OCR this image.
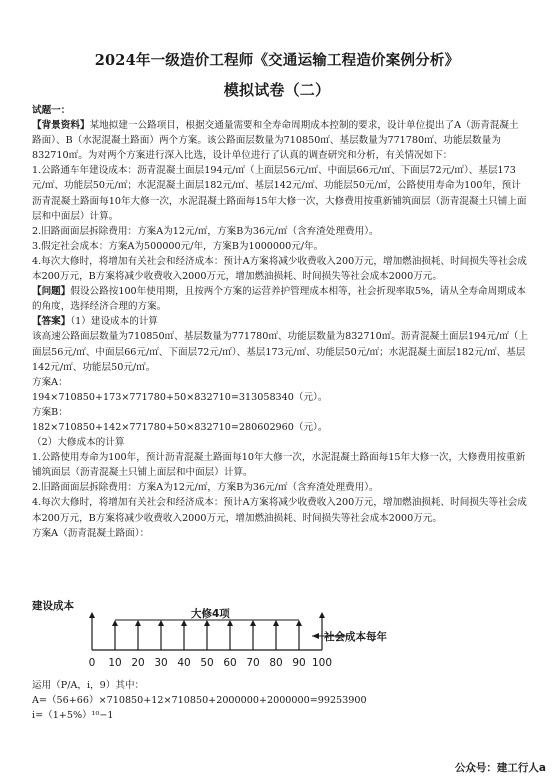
2024年一级造价工程师《交通运输工程造价案例分析》
模拟试卷（二）

试题一：

【背景资料】某地拟建一公路项目，根据交通量需要和全寿命周期成本控制的要求，设计单位提出了A（沥青混凝土路面）、B（水泥混凝土路面）两个方案。该公路面层数量为710850㎡、基层数量为771780㎡、功能层数量为832710㎡。为对两个方案进行深入比选，设计单位进行了认真的调查研究和分析，有关情况如下：

1.公路通车年建设成本：沥青混凝土面层194元/㎡（上面层56元/㎡、中面层66元/㎡、下面层72元/㎡）、基层173元/㎡、功能层50元/㎡；水泥混凝土面层182元/㎡、基层142元/㎡、功能层50元/㎡，公路使用寿命为100年，预计沥青混凝土路面每10年大修一次，水泥混凝土路面每15年大修一次，大修费用按重新铺筑面层（沥青混凝土只铺上面层和中面层）计算。

2.旧路面面层拆除费用：方案A为12元/㎡，方案B为36元/㎡（含弃渣处理费用）。

3.假定社会成本：方案A为500000元/年，方案B为1000000元/年。

4.每次大修时，将增加有关社会和经济成本：预计A方案将减少收费收入200万元，增加燃油损耗、时间损失等社会成本200万元，B方案将减少收费收入2000万元，增加燃油损耗、时间损失等社会成本2000万元。

【问题】假设公路按100年使用期，且按两个方案的运营养护管理成本相等，社会折现率取5%，请从全寿命周期成本的角度，选择经济合理的方案。

【答案】（1）建设成本的计算

该高速公路面层数量为710850㎡、基层数量为771780㎡、功能层数量为832710㎡。沥青混凝土面层194元/㎡（上面层56元/㎡、中面层66元/㎡、下面层72元/㎡）、基层173元/㎡、功能层50元/㎡；水泥混凝土面层182元/㎡、基层142元/㎡、功能层50元/㎡。

方案A：

194×710850+173×771780+50×832710=313058340（元）。

方案B：

182×710850+142×771780+50×832710=280602960（元）。

（2）大修成本的计算

1.公路使用寿命为100年，预计沥青混凝土路面每10年大修一次，水泥混凝土路面每15年大修一次，大修费用按重新铺筑面层（沥青混凝土只铺上面层和中面层）计算。

2.旧路面面层拆除费用：方案A为12元/㎡，方案B为36元/㎡（含弃渣处理费用）。

4.每次大修时，将增加有关社会和经济成本：预计A方案将减少收费收入200万元，增加燃油损耗、时间损失等社会成本200万元，B方案将减少收费收入2000万元，增加燃油损耗、时间损失等社会成本2000万元。

方案A（沥青混凝土路面）：

建设成本
大修4项
社会成本每年
0 10 20 30 40 50 60 70 80 90 100

运用（P/A，i，9）其中：

A=（56+66）×710850+12×710850+2000000+2000000=99253900

i=（1+5%）¹⁰−1

公众号：建工行人a
